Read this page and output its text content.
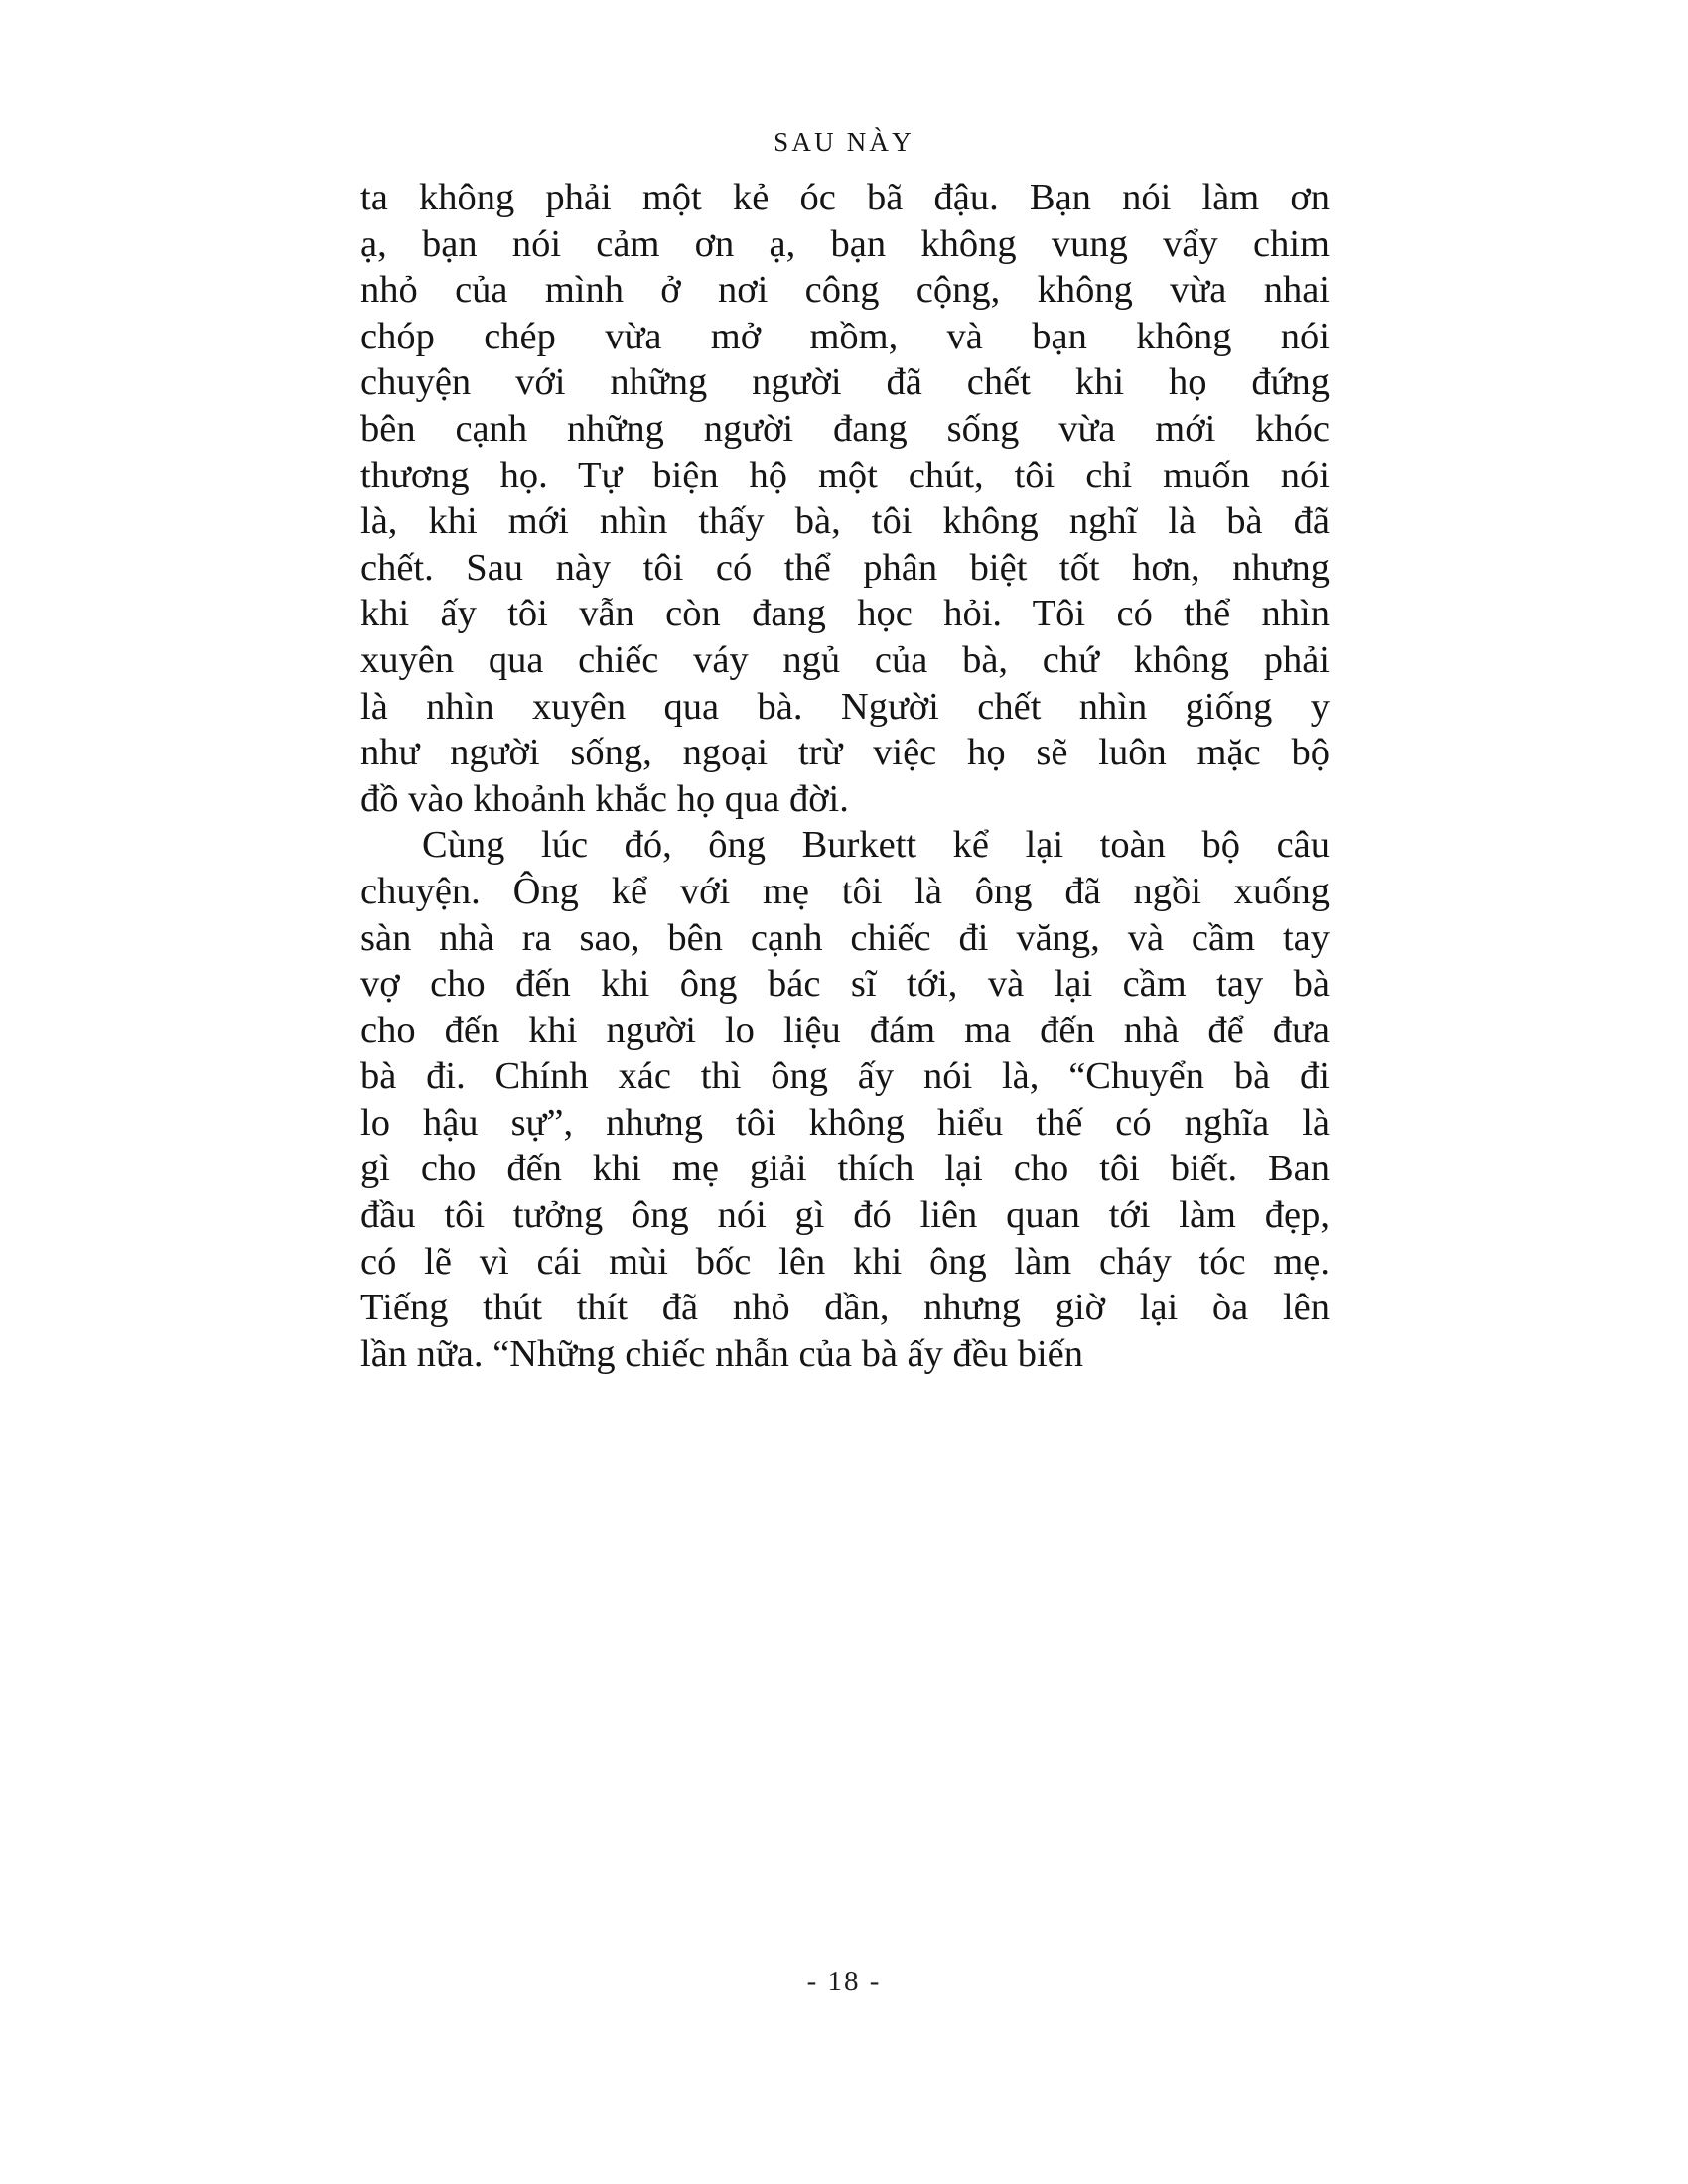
SAU NÀY

ta không phải một kẻ óc bã đậu. Bạn nói làm ơn
ạ, bạn nói cảm ơn ạ, bạn không vung vẩy chim
nhỏ của mình ở nơi công cộng, không vừa nhai
chóp chép vừa mở mồm, và bạn không nói
chuyện với những người đã chết khi họ đứng
bên cạnh những người đang sống vừa mới khóc
thương họ. Tự biện hộ một chút, tôi chỉ muốn nói
là, khi mới nhìn thấy bà, tôi không nghĩ là bà đã
chết. Sau này tôi có thể phân biệt tốt hơn, nhưng
khi ấy tôi vẫn còn đang học hỏi. Tôi có thể nhìn
xuyên qua chiếc váy ngủ của bà, chứ không phải
là nhìn xuyên qua bà. Người chết nhìn giống y
như người sống, ngoại trừ việc họ sẽ luôn mặc bộ
đồ vào khoảnh khắc họ qua đời.

Cùng lúc đó, ông Burkett kể lại toàn bộ câu
chuyện. Ông kể với mẹ tôi là ông đã ngồi xuống
sàn nhà ra sao, bên cạnh chiếc đi văng, và cầm tay
vợ cho đến khi ông bác sĩ tới, và lại cầm tay bà
cho đến khi người lo liệu đám ma đến nhà để đưa
bà đi. Chính xác thì ông ấy nói là, “Chuyển bà đi
lo hậu sự”, nhưng tôi không hiểu thế có nghĩa là
gì cho đến khi mẹ giải thích lại cho tôi biết. Ban
đầu tôi tưởng ông nói gì đó liên quan tới làm đẹp,
có lẽ vì cái mùi bốc lên khi ông làm cháy tóc mẹ.
Tiếng thút thít đã nhỏ dần, nhưng giờ lại òa lên
lần nữa. “Những chiếc nhẫn của bà ấy đều biến

- 18 -
